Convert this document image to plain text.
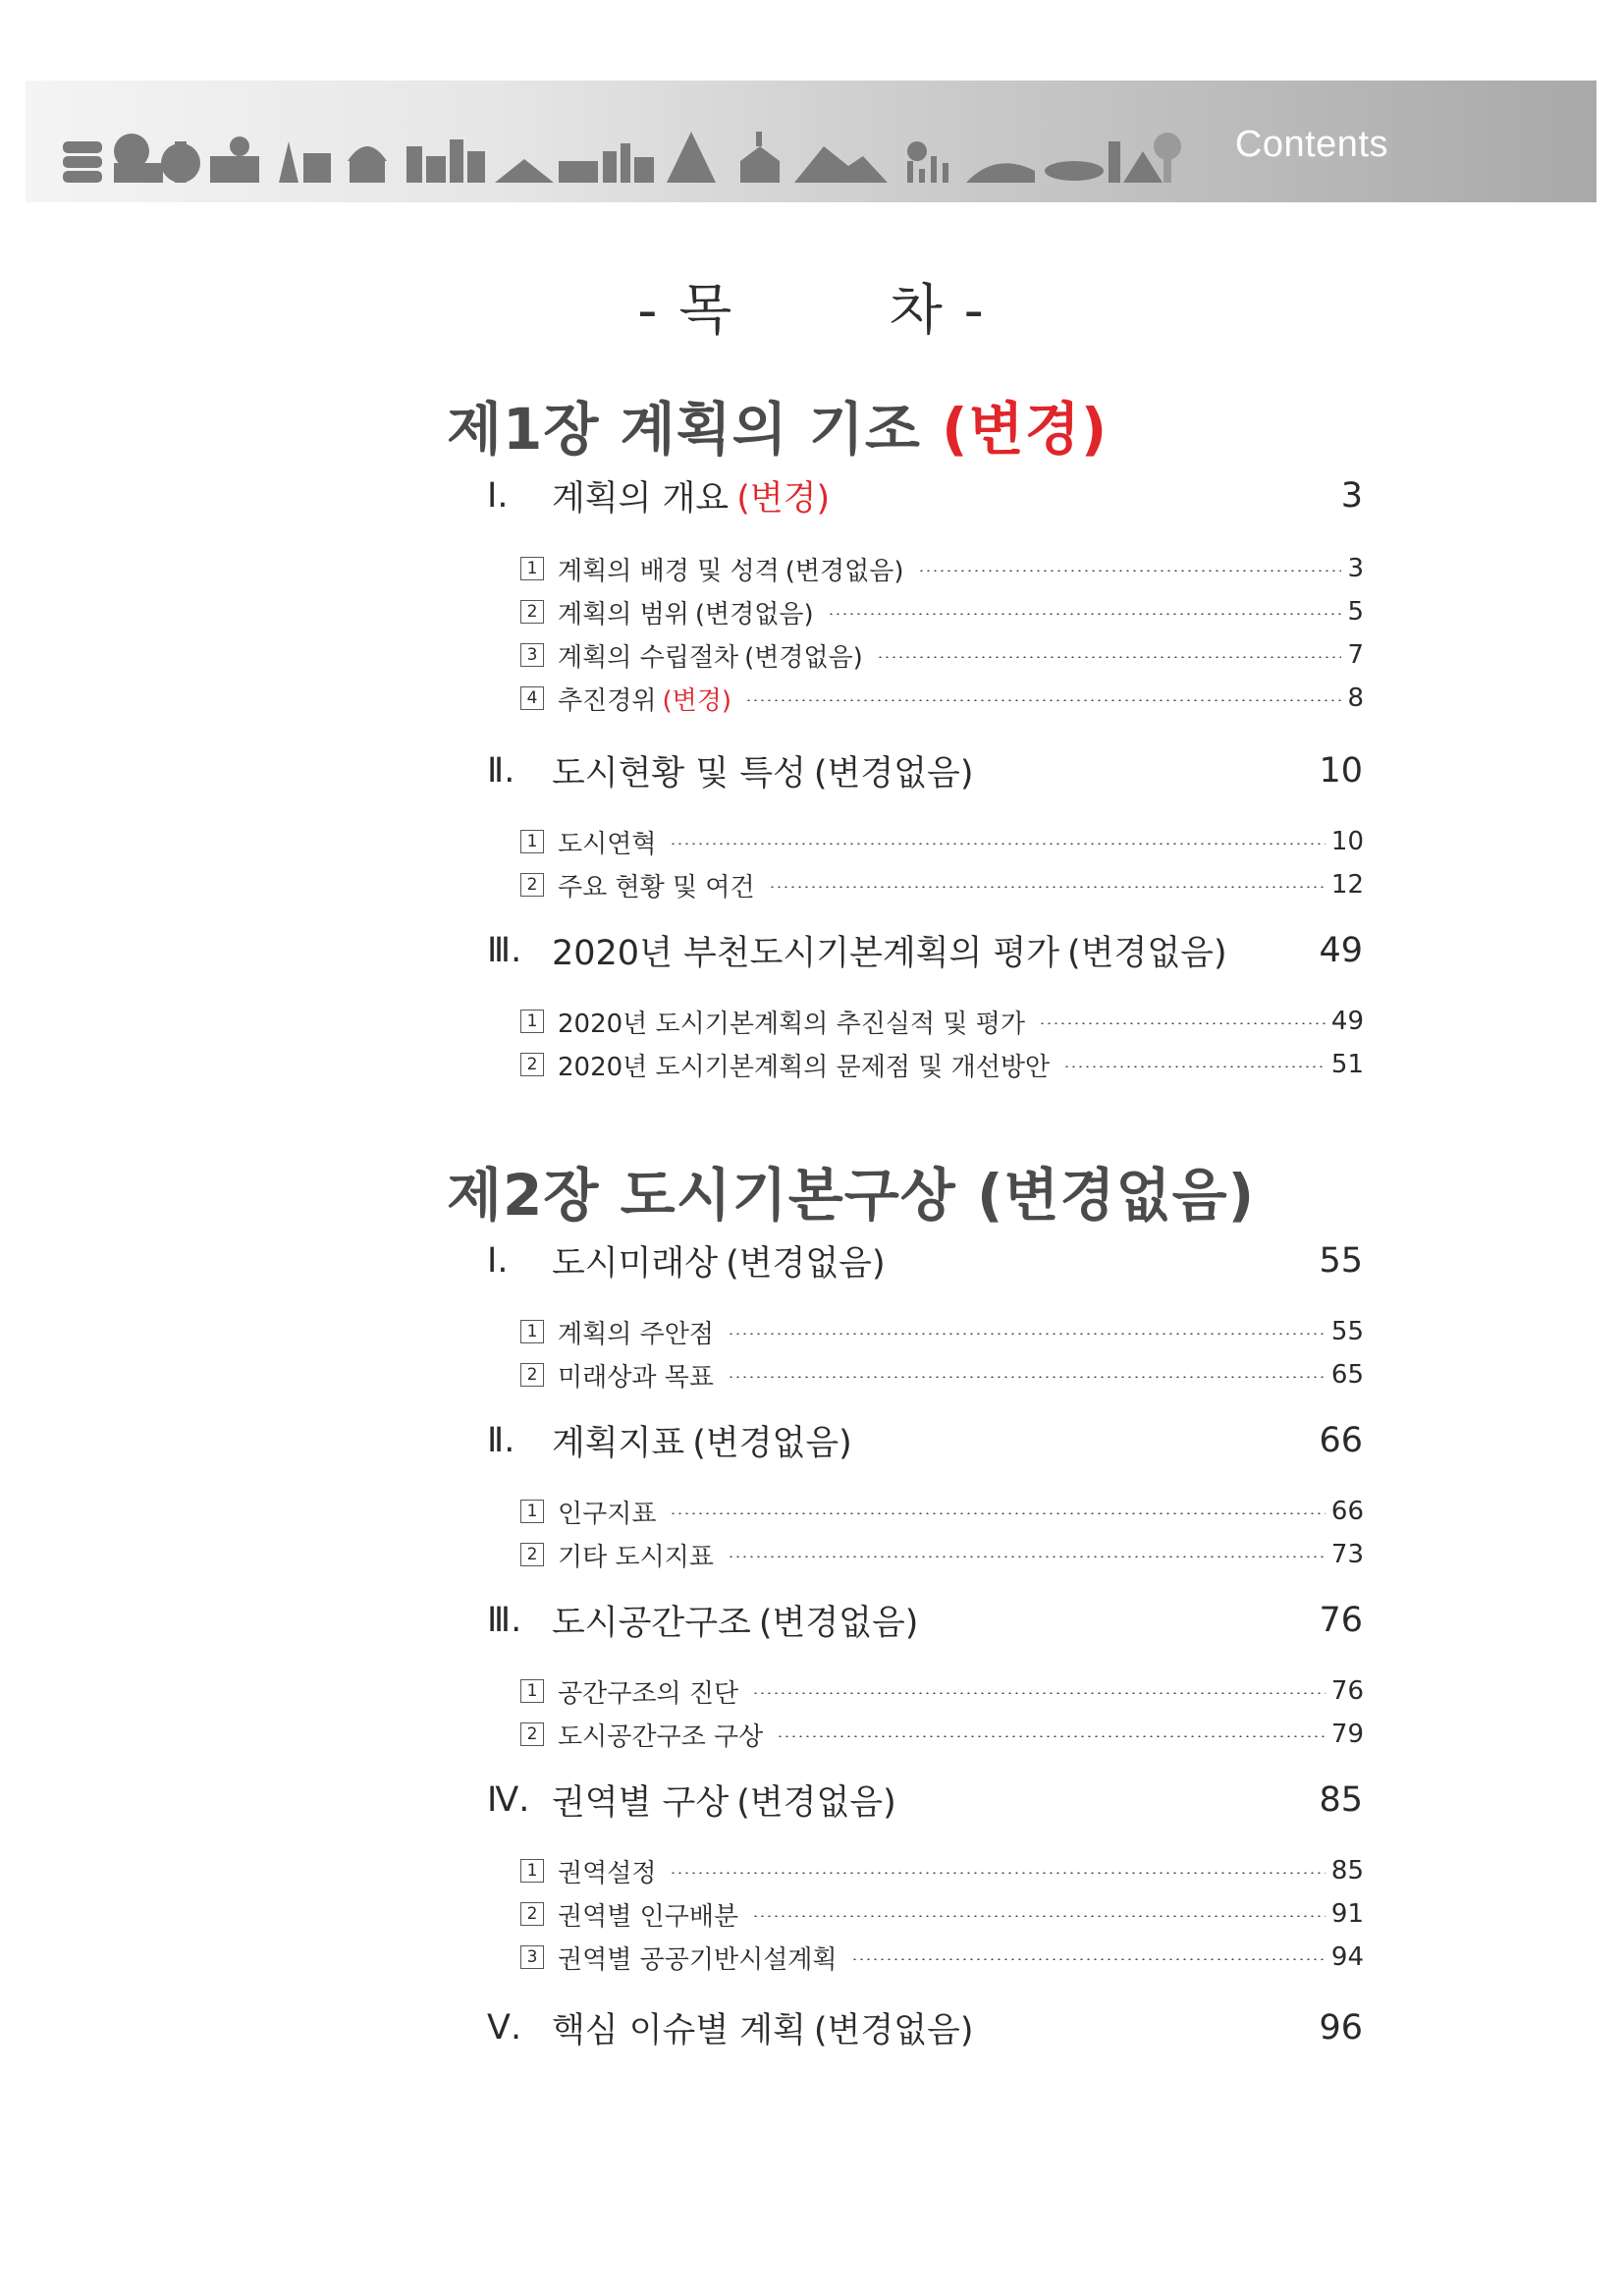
Contents
- 목        차 -
제1장 계획의 기조 (변경)
Ⅰ.	계획의 개요 (변경)	3
1 계획의 배경 및 성격 (변경없음)	3
2 계획의 범위 (변경없음)	5
3 계획의 수립절차 (변경없음)	7
4 추진경위 (변경)	8
Ⅱ.	도시현황 및 특성 (변경없음)	10
1 도시연혁	10
2 주요 현황 및 여건	12
Ⅲ. 2020년 부천도시기본계획의 평가 (변경없음)	49
1 2020년 도시기본계획의 추진실적 및 평가	49
2 2020년 도시기본계획의 문제점 및 개선방안	51
제2장 도시기본구상 (변경없음)
Ⅰ.	도시미래상 (변경없음)	55
1 계획의 주안점	55
2 미래상과 목표	65
Ⅱ.	계획지표 (변경없음)	66
1 인구지표	66
2 기타 도시지표	73
Ⅲ. 도시공간구조 (변경없음)	76
1 공간구조의 진단	76
2 도시공간구조 구상	79
Ⅳ. 권역별 구상 (변경없음)	85
1 권역설정	85
2 권역별 인구배분	91
3 권역별 공공기반시설계획	94
Ⅴ. 핵심 이슈별 계획 (변경없음)	96
